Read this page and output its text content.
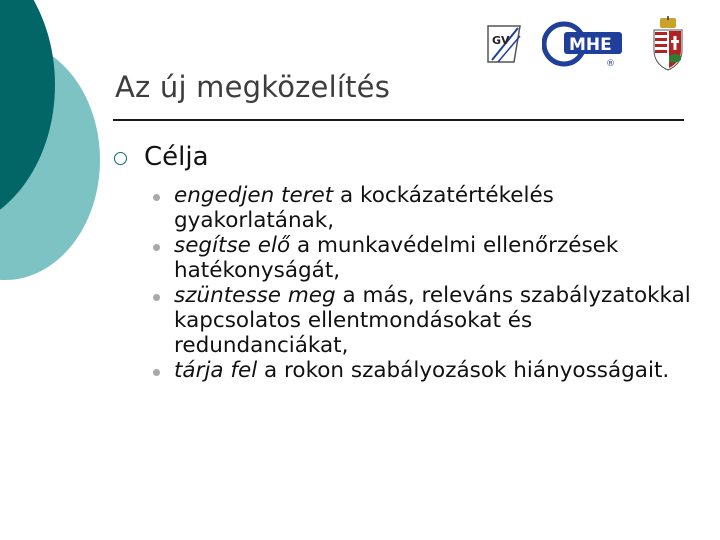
GV	MHE
®
· · ·
Az új megközelítés
Célja
engedjen teret a kockázatértékelés gyakorlatának,
segítse elő a munkavédelmi ellenőrzések hatékonyságát,
szüntesse meg a más, releváns szabályzatokkal kapcsolatos ellentmondásokat és redundanciákat,
tárja fel a rokon szabályozások hiányosságait.
